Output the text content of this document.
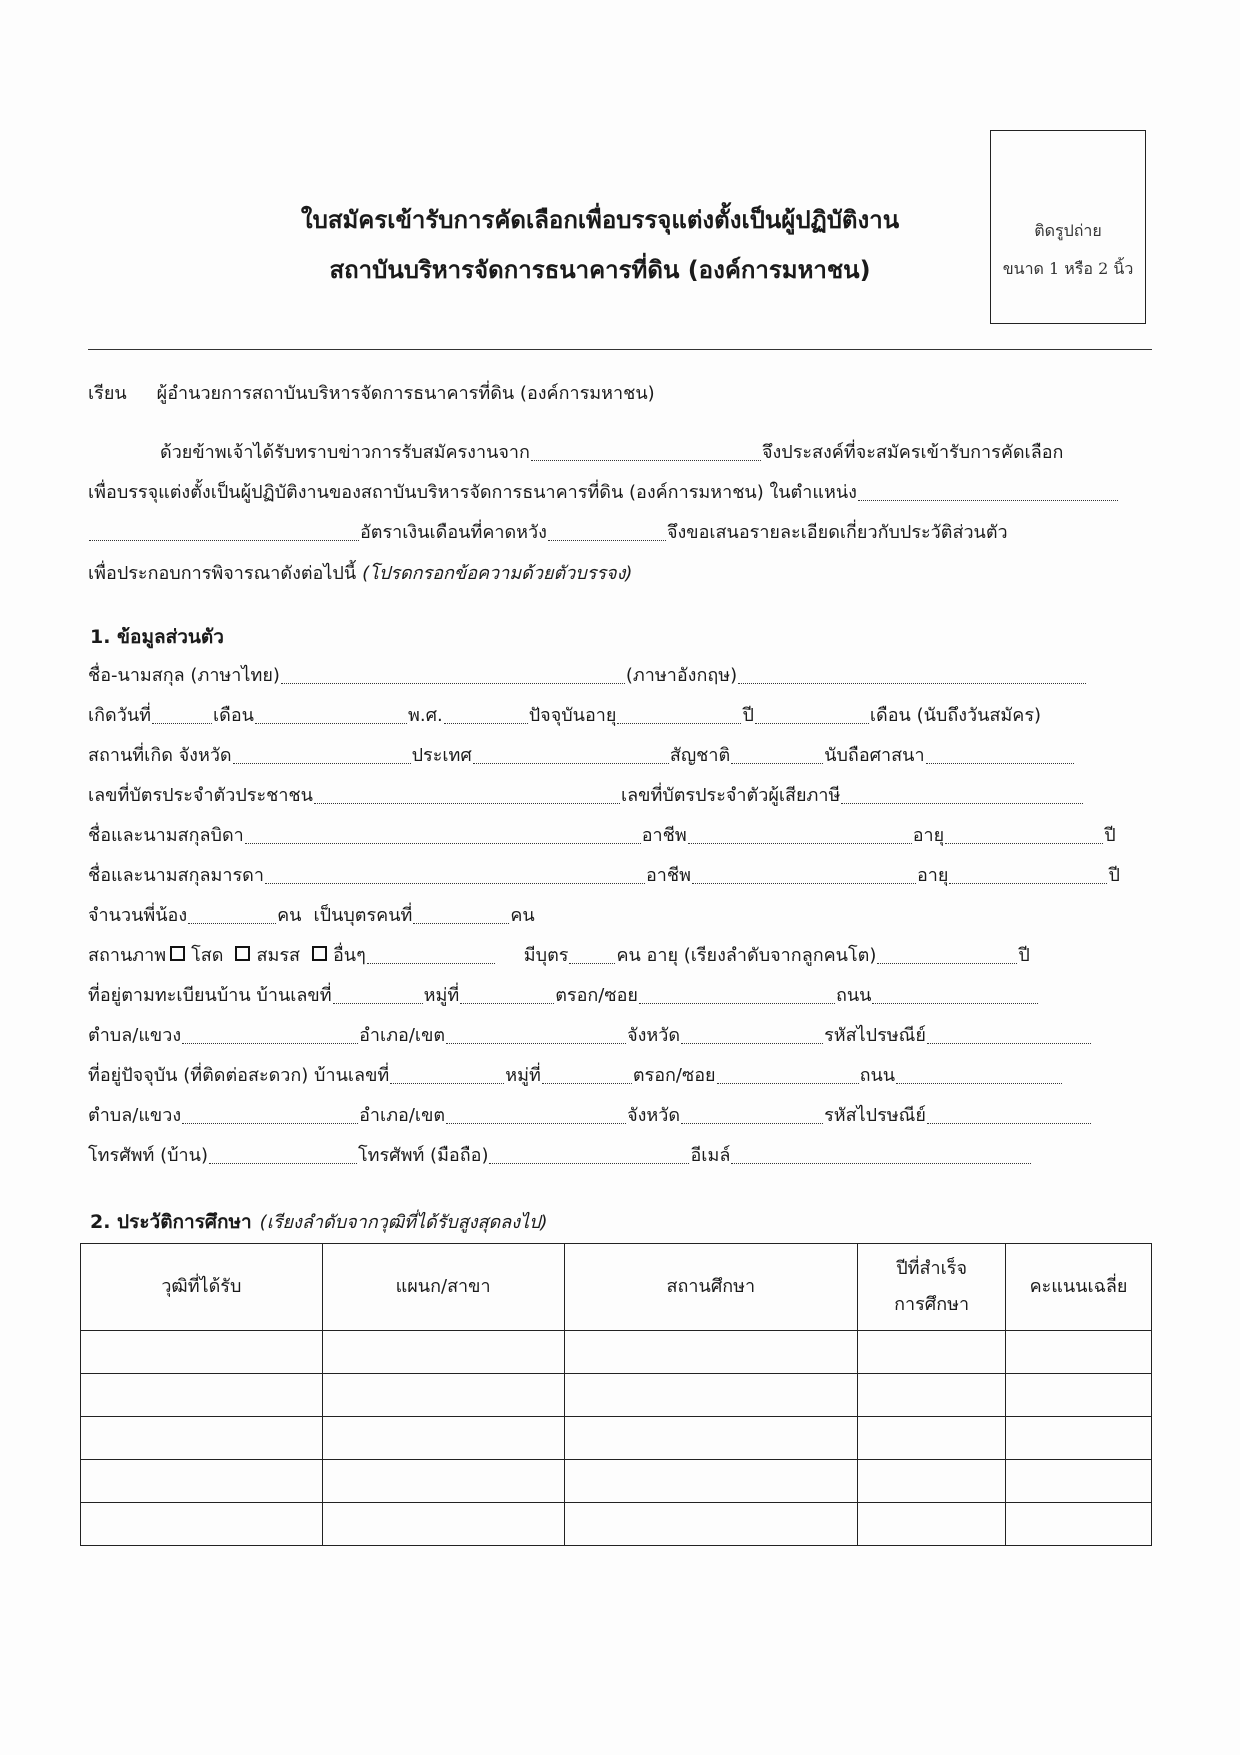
ใบสมัครเข้ารับการคัดเลือกเพื่อบรรจุแต่งตั้งเป็นผู้ปฏิบัติงาน
สถาบันบริหารจัดการธนาคารที่ดิน (องค์การมหาชน)
ติดรูปถ่าย
ขนาด 1 หรือ 2 นิ้ว
เรียน ผู้อำนวยการสถาบันบริหารจัดการธนาคารที่ดิน (องค์การมหาชน)
ด้วยข้าพเจ้าได้รับทราบข่าวการรับสมัครงานจาก	จึงประสงค์ที่จะสมัครเข้ารับการคัดเลือก
เพื่อบรรจุแต่งตั้งเป็นผู้ปฏิบัติงานของสถาบันบริหารจัดการธนาคารที่ดิน (องค์การมหาชน) ในตำแหน่ง
อัตราเงินเดือนที่คาดหวัง	จึงขอเสนอรายละเอียดเกี่ยวกับประวัติส่วนตัว
เพื่อประกอบการพิจารณาดังต่อไปนี้ (โปรดกรอกข้อความด้วยตัวบรรจง)
1. ข้อมูลส่วนตัว
ชื่อ-นามสกุล (ภาษาไทย)	(ภาษาอังกฤษ)
เกิดวันที่	เดือน	พ.ศ.	ปัจจุบันอายุ	ปี	เดือน (นับถึงวันสมัคร)
สถานที่เกิด จังหวัด	ประเทศ	สัญชาติ	นับถือศาสนา
เลขที่บัตรประจำตัวประชาชน	เลขที่บัตรประจำตัวผู้เสียภาษี
ชื่อและนามสกุลบิดา	อาชีพ	อายุ	ปี
ชื่อและนามสกุลมารดา	อาชีพ	อายุ	ปี
จำนวนพี่น้อง	คน เป็นบุตรคนที่	คน
สถานภาพ โสด สมรส อื่นๆ	มีบุตร	คน อายุ (เรียงลำดับจากลูกคนโต)	ปี
ที่อยู่ตามทะเบียนบ้าน บ้านเลขที่	หมู่ที่	ตรอก/ซอย	ถนน
ตำบล/แขวง	อำเภอ/เขต	จังหวัด	รหัสไปรษณีย์
ที่อยู่ปัจจุบัน (ที่ติดต่อสะดวก) บ้านเลขที่	หมู่ที่	ตรอก/ซอย	ถนน
ตำบล/แขวง	อำเภอ/เขต	จังหวัด	รหัสไปรษณีย์
โทรศัพท์ (บ้าน)	โทรศัพท์ (มือถือ)	อีเมล์
2. ประวัติการศึกษา (เรียงลำดับจากวุฒิที่ได้รับสูงสุดลงไป)
วุฒิที่ได้รับ	แผนก/สาขา	สถานศึกษา	ปีที่สำเร็จ
การศึกษา	คะแนนเฉลี่ย
